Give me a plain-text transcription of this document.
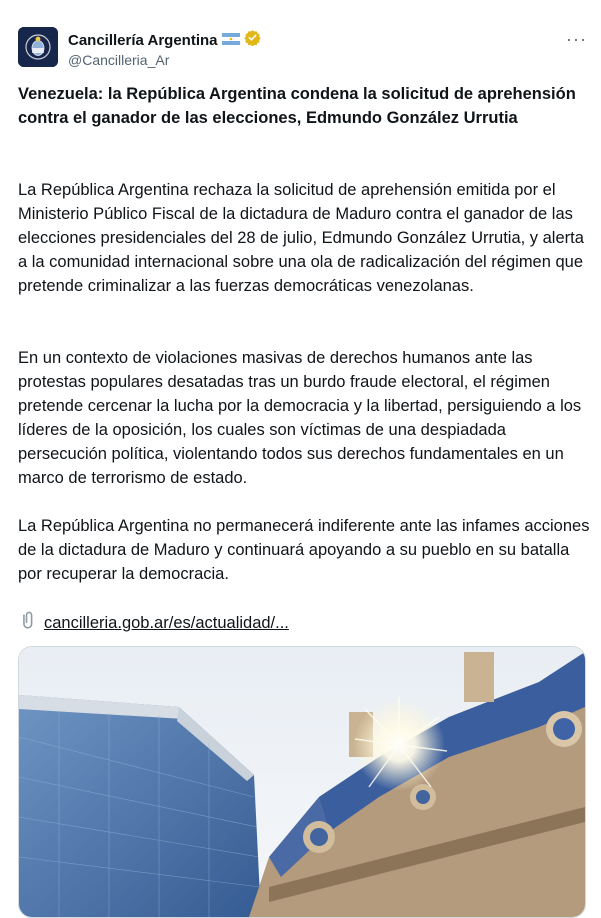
Cancillería Argentina
@Cancilleria_Ar
···

Venezuela: la República Argentina condena la solicitud de aprehensión contra el ganador de las elecciones, Edmundo González Urrutia

La República Argentina rechaza la solicitud de aprehensión emitida por el Ministerio Público Fiscal de la dictadura de Maduro contra el ganador de las elecciones presidenciales del 28 de julio, Edmundo González Urrutia, y alerta a la comunidad internacional sobre una ola de radicalización del régimen que pretende criminalizar a las fuerzas democráticas venezolanas.

En un contexto de violaciones masivas de derechos humanos ante las protestas populares desatadas tras un burdo fraude electoral, el régimen pretende cercenar la lucha por la democracia y la libertad, persiguiendo a los líderes de la oposición, los cuales son víctimas de una despiadada persecución política, violentando todos sus derechos fundamentales en un marco de terrorismo de estado.

La República Argentina no permanecerá indiferente ante las infames acciones de la dictadura de Maduro y continuará apoyando a su pueblo en su batalla por recuperar la democracia.

cancilleria.gob.ar/es/actualidad/...
